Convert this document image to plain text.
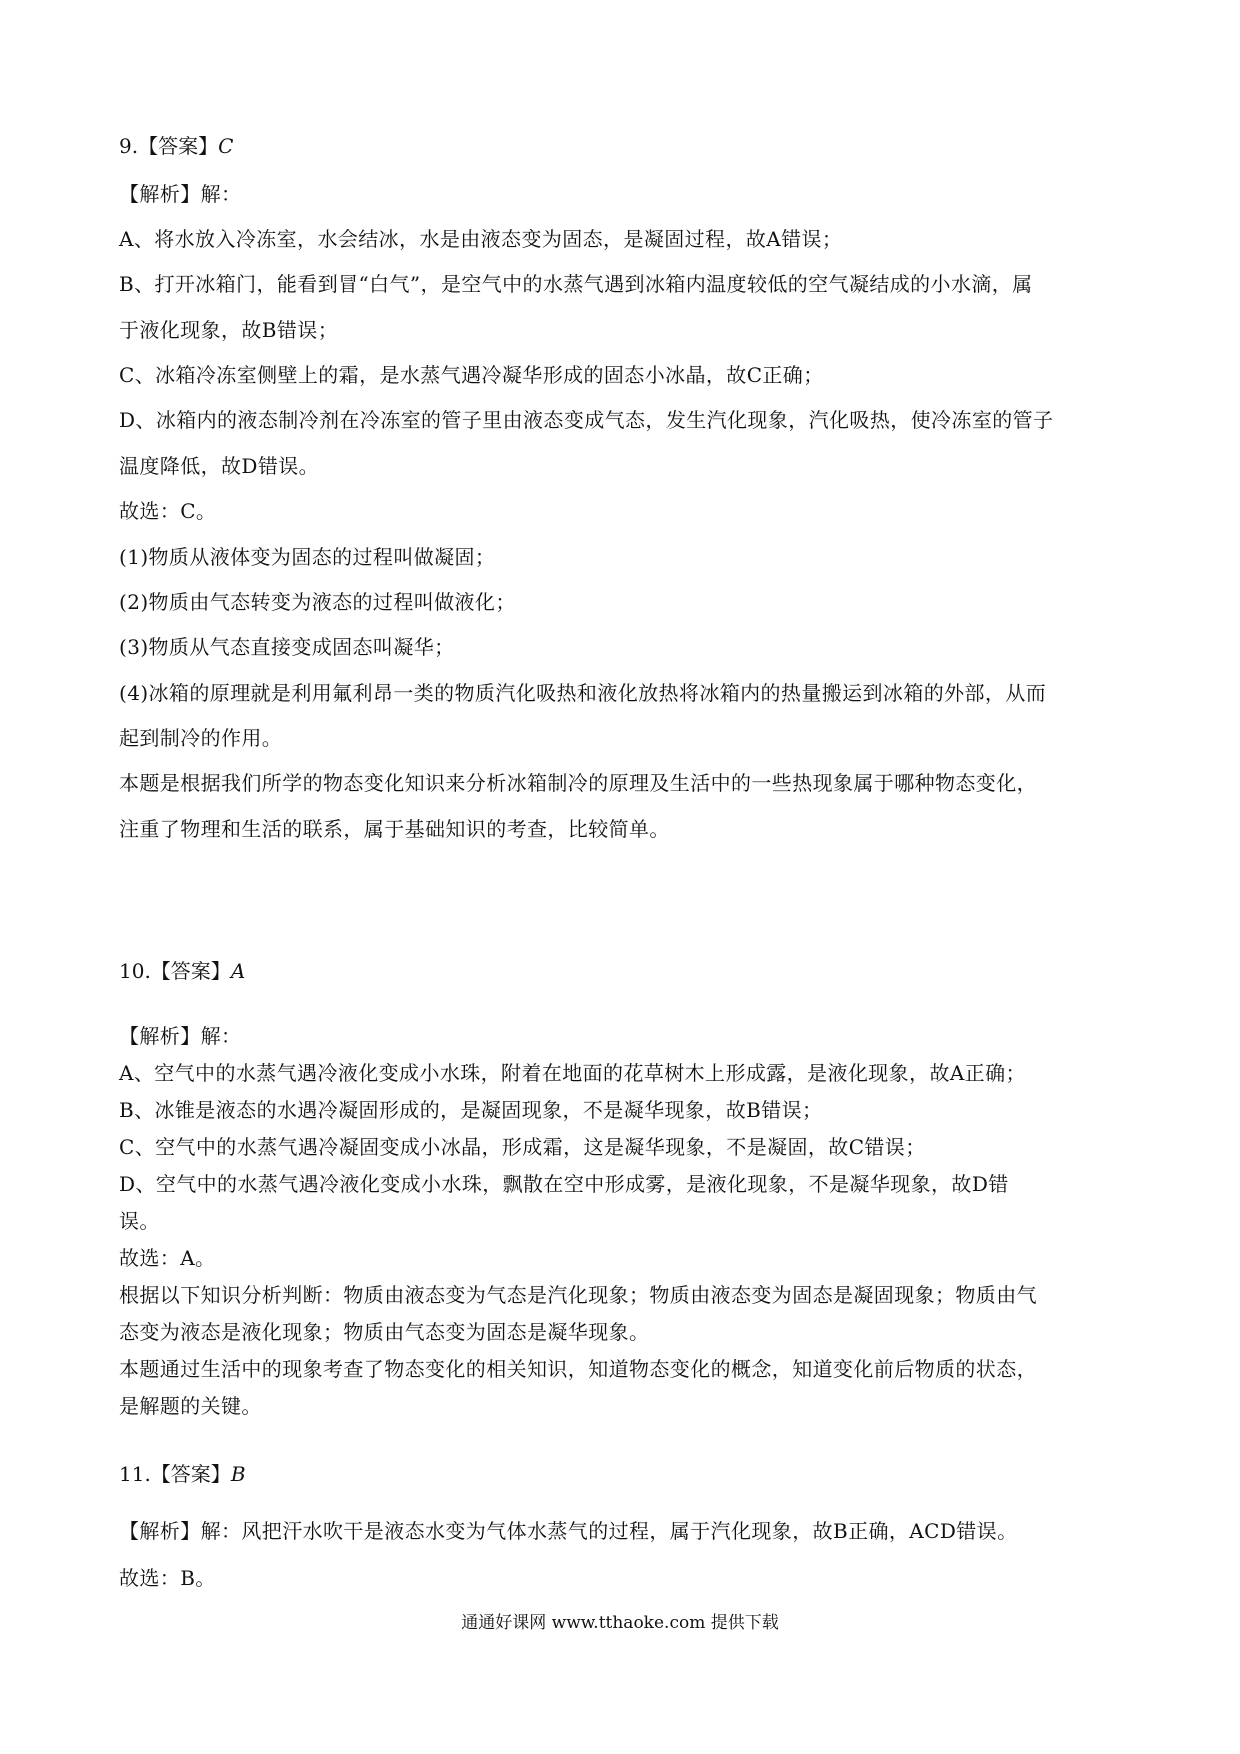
9.【答案】C
【解析】解：
A、将水放入冷冻室，水会结冰，水是由液态变为固态，是凝固过程，故A错误；
B、打开冰箱门，能看到冒“白气”，是空气中的水蒸气遇到冰箱内温度较低的空气凝结成的小水滴，属
于液化现象，故B错误；
C、冰箱冷冻室侧壁上的霜，是水蒸气遇冷凝华形成的固态小冰晶，故C正确；
D、冰箱内的液态制冷剂在冷冻室的管子里由液态变成气态，发生汽化现象，汽化吸热，使冷冻室的管子
温度降低，故D错误。
故选：C。
(1)物质从液体变为固态的过程叫做凝固；
(2)物质由气态转变为液态的过程叫做液化；
(3)物质从气态直接变成固态叫凝华；
(4)冰箱的原理就是利用氟利昂一类的物质汽化吸热和液化放热将冰箱内的热量搬运到冰箱的外部，从而
起到制冷的作用。
本题是根据我们所学的物态变化知识来分析冰箱制冷的原理及生活中的一些热现象属于哪种物态变化，
注重了物理和生活的联系，属于基础知识的考查，比较简单。
10.【答案】A
【解析】解：
A、空气中的水蒸气遇冷液化变成小水珠，附着在地面的花草树木上形成露，是液化现象，故A正确；
B、冰锥是液态的水遇冷凝固形成的，是凝固现象，不是凝华现象，故B错误；
C、空气中的水蒸气遇冷凝固变成小冰晶，形成霜，这是凝华现象，不是凝固，故C错误；
D、空气中的水蒸气遇冷液化变成小水珠，飘散在空中形成雾，是液化现象，不是凝华现象，故D错
误。
故选：A。
根据以下知识分析判断：物质由液态变为气态是汽化现象；物质由液态变为固态是凝固现象；物质由气
态变为液态是液化现象；物质由气态变为固态是凝华现象。
本题通过生活中的现象考查了物态变化的相关知识，知道物态变化的概念，知道变化前后物质的状态，
是解题的关键。
11.【答案】B
【解析】解：风把汗水吹干是液态水变为气体水蒸气的过程，属于汽化现象，故B正确，ACD错误。
故选：B。
通通好课网 www.tthaoke.com 提供下载
